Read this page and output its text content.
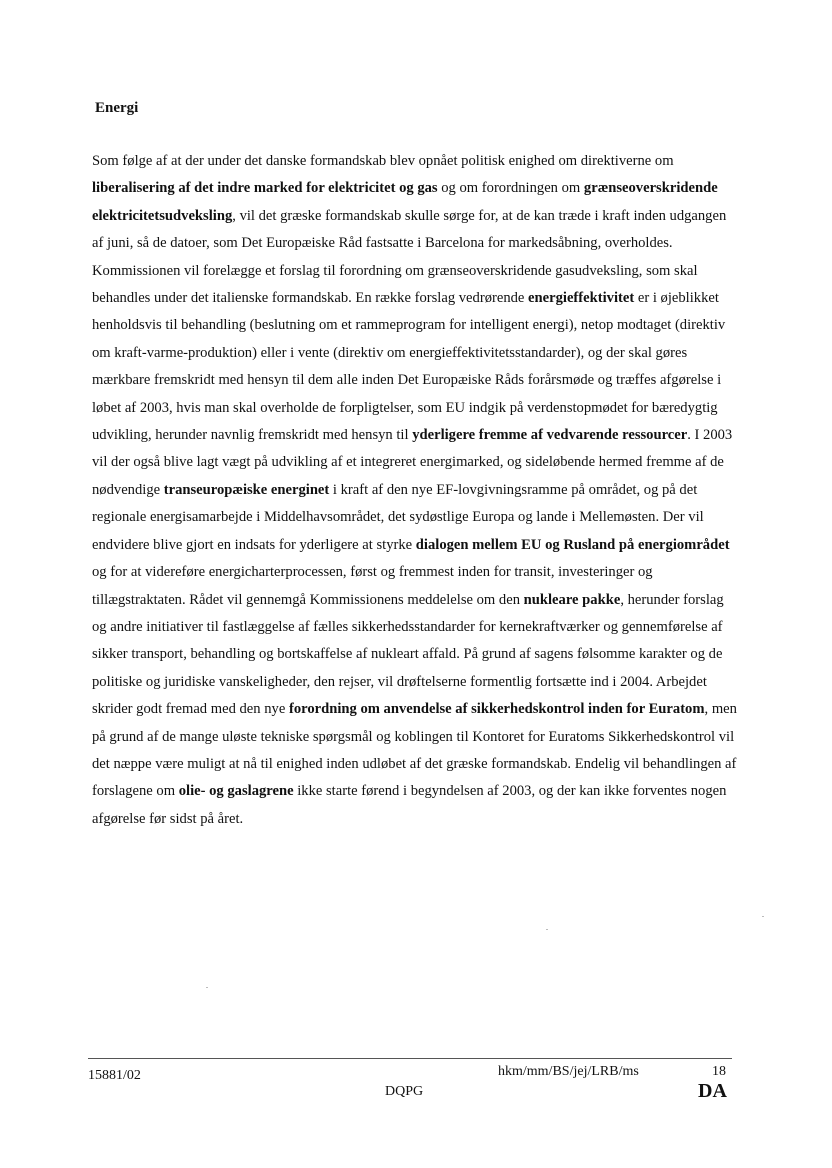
Energi

Som følge af at der under det danske formandskab blev opnået politisk enighed om direktiverne om liberalisering af det indre marked for elektricitet og gas og om forordningen om grænseoverskridende elektricitetsudveksling, vil det græske formandskab skulle sørge for, at de kan træde i kraft inden udgangen af juni, så de datoer, som Det Europæiske Råd fastsatte i Barcelona for markedsåbning, overholdes. Kommissionen vil forelægge et forslag til forordning om grænseoverskridende gasudveksling, som skal behandles under det italienske formandskab. En række forslag vedrørende energieffektivitet er i øjeblikket henholdsvis til behandling (beslutning om et rammeprogram for intelligent energi), netop modtaget (direktiv om kraft-varme-produktion) eller i vente (direktiv om energieffektivitetsstandarder), og der skal gøres mærkbare fremskridt med hensyn til dem alle inden Det Europæiske Råds forårsmøde og træffes afgørelse i løbet af 2003, hvis man skal overholde de forpligtelser, som EU indgik på verdenstopmødet for bæredygtig udvikling, herunder navnlig fremskridt med hensyn til yderligere fremme af vedvarende ressourcer. I 2003 vil der også blive lagt vægt på udvikling af et integreret energimarked, og sideløbende hermed fremme af de nødvendige transeuropæiske energinet i kraft af den nye EF-lovgivningsramme på området, og på det regionale energisamarbejde i Middelhavsområdet, det sydøstlige Europa og lande i Mellemøsten. Der vil endvidere blive gjort en indsats for yderligere at styrke dialogen mellem EU og Rusland på energiområdet og for at videreføre energicharterprocessen, først og fremmest inden for transit, investeringer og tillægstraktaten. Rådet vil gennemgå Kommissionens meddelelse om den nukleare pakke, herunder forslag og andre initiativer til fastlæggelse af fælles sikkerhedsstandarder for kernekraftværker og gennemførelse af sikker transport, behandling og bortskaffelse af nukleart affald. På grund af sagens følsomme karakter og de politiske og juridiske vanskeligheder, den rejser, vil drøftelserne formentlig fortsætte ind i 2004. Arbejdet skrider godt fremad med den nye forordning om anvendelse af sikkerhedskontrol inden for Euratom, men på grund af de mange uløste tekniske spørgsmål og koblingen til Kontoret for Euratoms Sikkerhedskontrol vil det næppe være muligt at nå til enighed inden udløbet af det græske formandskab. Endelig vil behandlingen af forslagene om olie- og gaslagrene ikke starte førend i begyndelsen af 2003, og der kan ikke forventes nogen afgørelse før sidst på året.

15881/02	hkm/mm/BS/jej/LRB/ms	18
DQPG	DA
